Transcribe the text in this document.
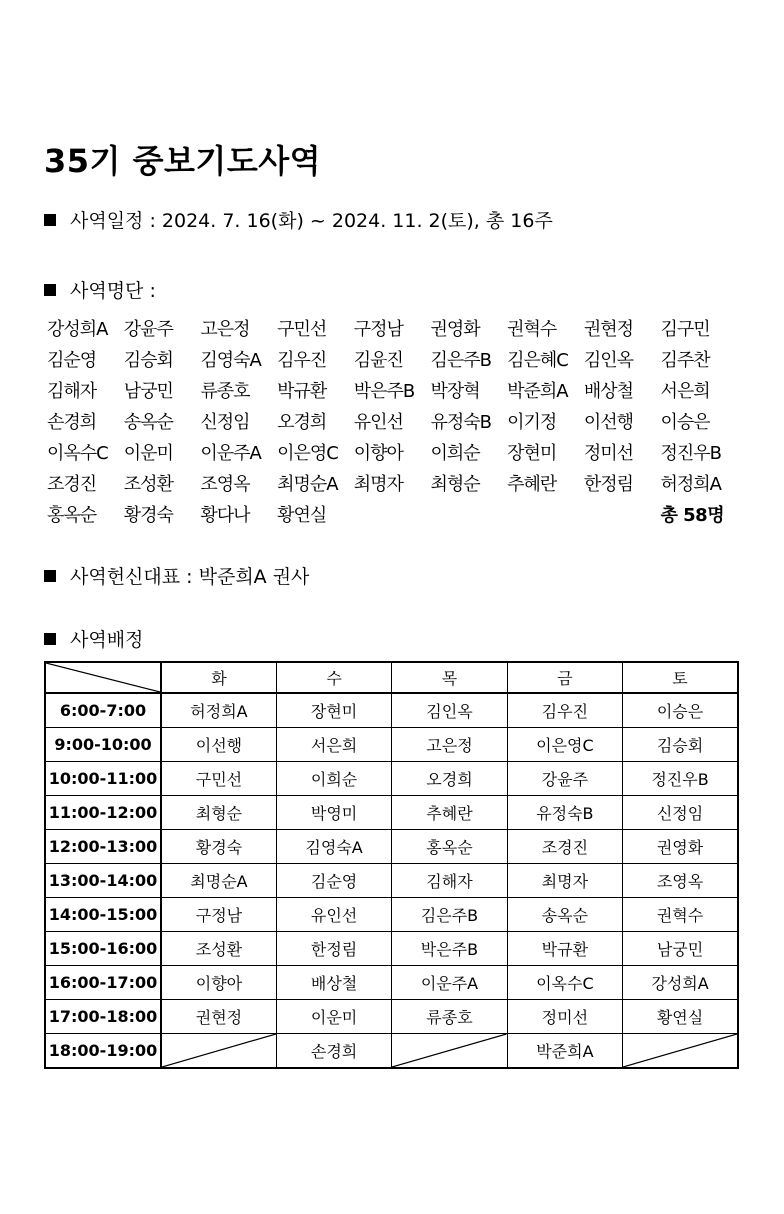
35기 중보기도사역
사역일정 : 2024. 7. 16(화) ~ 2024. 11. 2(토), 총 16주
사역명단 :
강성희A 강윤주	고은정	구민선	구정남	권영화	권혁수	권현정	김구민
김순영	김승회	김영숙A 김우진	김윤진	김은주B 김은혜C 김인옥	김주찬
김해자	남궁민	류종호	박규환	박은주B 박장혁	박준희A 배상철	서은희
손경희	송옥순	신정임	오경희	유인선	유정숙B 이기정	이선행	이승은
이옥수C 이운미	이운주A 이은영C 이향아	이희순	장현미	정미선	정진우B
조경진	조성환	조영옥	최명순A 최명자	최형순	추혜란	한정림	허정희A
홍옥순	황경숙	황다나	황연실	총 58명
사역헌신대표 : 박준희A 권사
사역배정
	화	수	목	금	토
6:00-7:00	허정희A	장현미	김인옥	김우진	이승은
9:00-10:00	이선행	서은희	고은정	이은영C	김승회
10:00-11:00	구민선	이희순	오경희	강윤주	정진우B
11:00-12:00	최형순	박영미	추혜란	유정숙B	신정임
12:00-13:00	황경숙	김영숙A	홍옥순	조경진	권영화
13:00-14:00	최명순A	김순영	김해자	최명자	조영옥
14:00-15:00	구정남	유인선	김은주B	송옥순	권혁수
15:00-16:00	조성환	한정림	박은주B	박규환	남궁민
16:00-17:00	이향아	배상철	이운주A	이옥수C	강성희A
17:00-18:00	권현정	이운미	류종호	정미선	황연실
18:00-19:00		손경희		박준희A	
